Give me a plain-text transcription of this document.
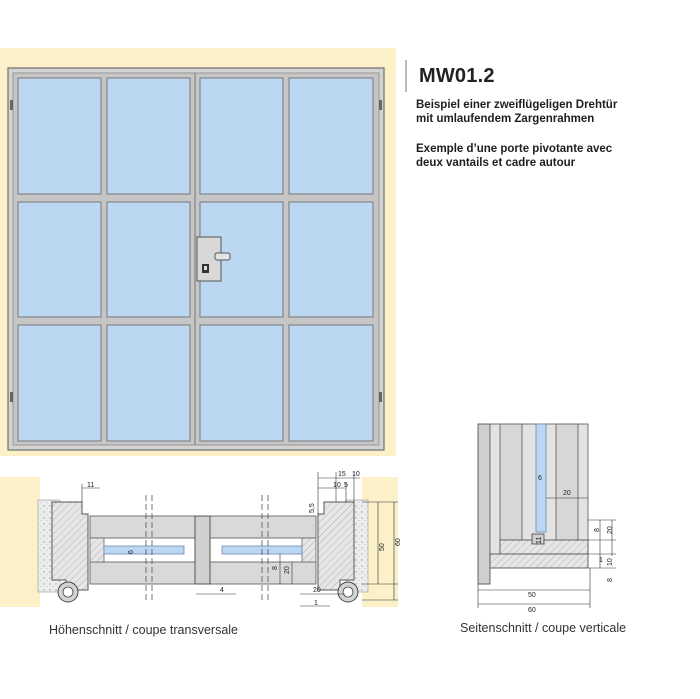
11
15 10
10 5
5,5
6
8 20
50
60
4	20
1
6
20
11
8 20
1 10
8
50
60
MW01.2
Beispiel einer zweiflügeligen Drehtür
mit umlaufendem Zargenrahmen
Exemple d’une porte pivotante avec
deux vantails et cadre autour
Höhenschnitt / coupe transversale	Seitenschnitt / coupe verticale
